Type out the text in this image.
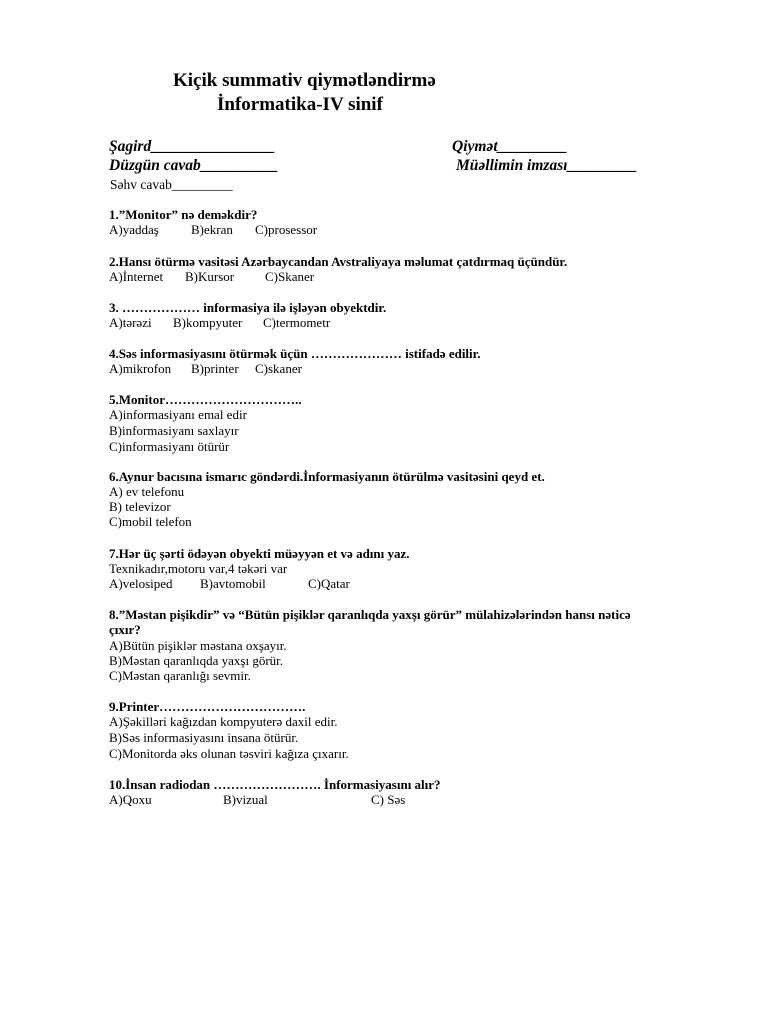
Kiçik summativ qiymətləndirmə
İnformatika-IV sinif
Şagird________________	Qiymət_________
Düzgün cavab__________	Müəllimin imzası_________
Səhv cavab_________
1.”Monitor” nə deməkdir?
A)yaddaş B)ekran C)prosessor
2.Hansı ötürmə vasitəsi Azərbaycandan Avstraliyaya məlumat çatdırmaq üçündür.
A)İnternet B)Kursor C)Skaner
3. ……………… informasiya ilə işləyən obyektdir.
A)tərəzi B)kompyuter C)termometr
4.Səs informasiyasını ötürmək üçün ………………… istifadə edilir.
A)mikrofon B)printer C)skaner
5.Monitor…………………………..
A)informasiyanı emal edir
B)informasiyanı saxlayır
C)informasiyanı ötürür
6.Aynur bacısına ismarıc göndərdi.İnformasiyanın ötürülmə vasitəsini qeyd et.
A) ev telefonu
B) televizor
C)mobil telefon
7.Hər üç şərti ödəyən obyekti müəyyən et və adını yaz.
Texnikadır,motoru var,4 təkəri var
A)velosiped B)avtomobil	C)Qatar
8.”Məstan pişikdir” və “Bütün pişiklər qaranlıqda yaxşı görür” mülahizələrindən hansı nəticə
çıxır?
A)Bütün pişiklər məstana oxşayır.
B)Məstan qaranlıqda yaxşı görür.
C)Məstan qaranlığı sevmir.
9.Printer…………………………….
A)Şəkilləri kağızdan kompyuterə daxil edir.
B)Səs informasiyasını insana ötürür.
C)Monitorda əks olunan təsviri kağıza çıxarır.
10.İnsan radiodan ……………………. İnformasiyasını alır?
A)Qoxu	B)vizual	C) Səs
